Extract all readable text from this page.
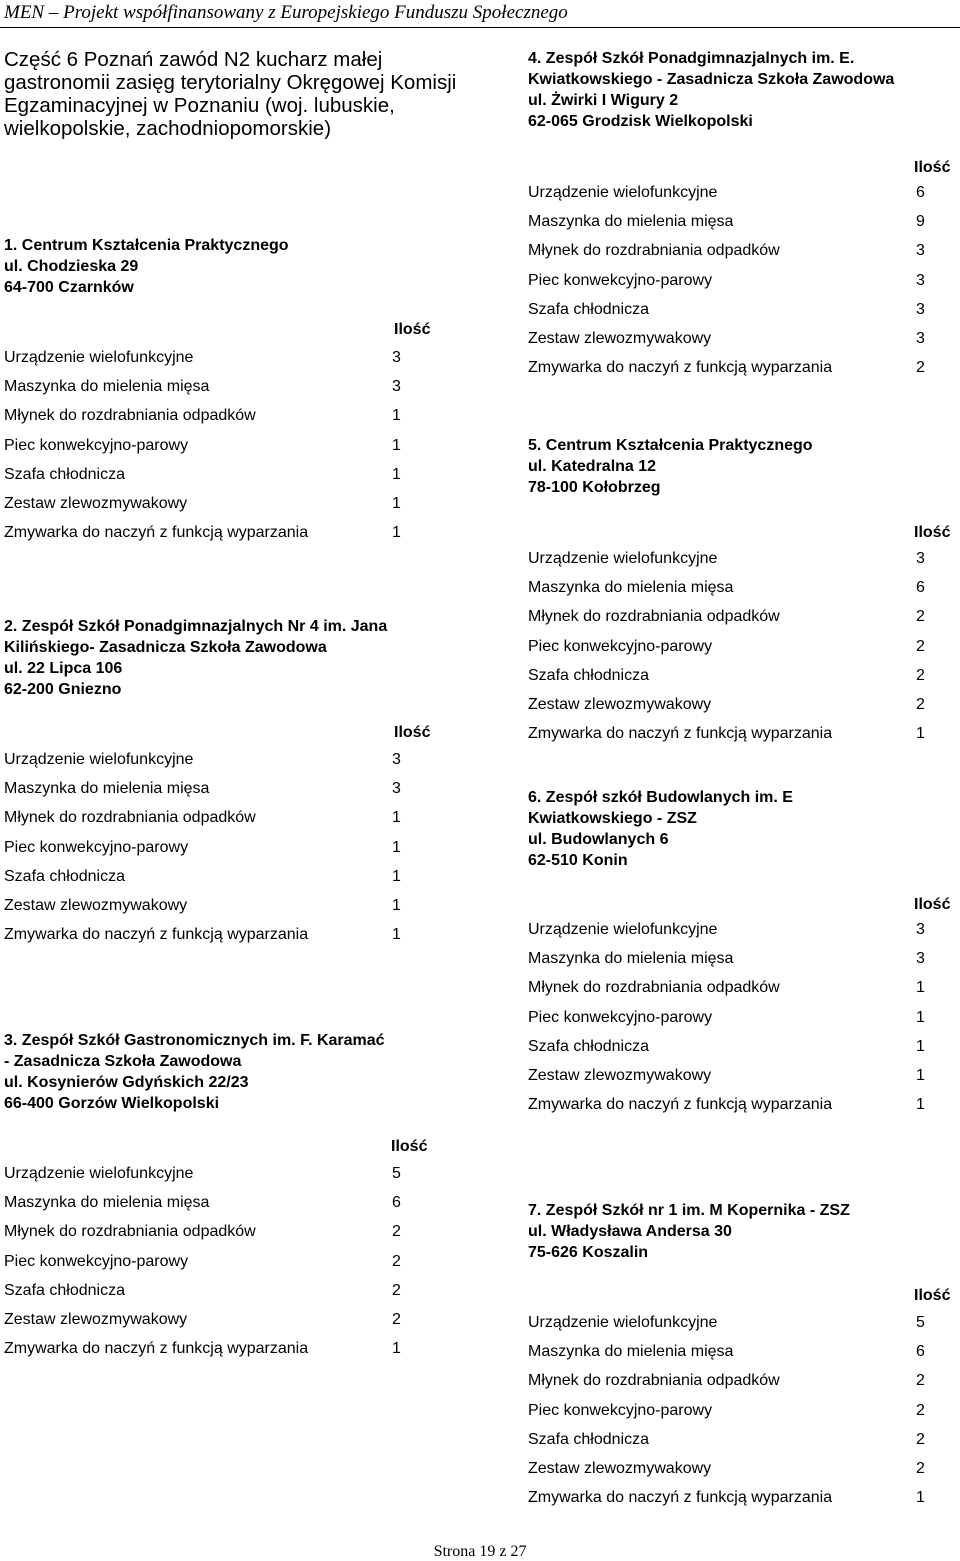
MEN – Projekt współfinansowany z Europejskiego Funduszu Społecznego
Część 6 Poznań zawód N2 kucharz małej gastronomii zasięg terytorialny Okręgowej Komisji Egzaminacyjnej w Poznaniu (woj. lubuskie, wielkopolskie, zachodniopomorskie)
1. Centrum Kształcenia Praktycznego
ul. Chodzieska 29
64-700 Czarnków
Ilość
Urządzenie wielofunkcyjne	3
Maszynka do mielenia mięsa	3
Młynek do rozdrabniania odpadków	1
Piec konwekcyjno-parowy	1
Szafa chłodnicza	1
Zestaw zlewozmywakowy	1
Zmywarka do naczyń z funkcją wyparzania	1
2. Zespół Szkół Ponadgimnazjalnych Nr 4 im. Jana
Kilińskiego- Zasadnicza Szkoła Zawodowa
ul. 22 Lipca 106
62-200 Gniezno
Ilość
Urządzenie wielofunkcyjne	3
Maszynka do mielenia mięsa	3
Młynek do rozdrabniania odpadków	1
Piec konwekcyjno-parowy	1
Szafa chłodnicza	1
Zestaw zlewozmywakowy	1
Zmywarka do naczyń z funkcją wyparzania	1
3. Zespół Szkół Gastronomicznych im. F. Karamać
- Zasadnicza Szkoła Zawodowa
ul. Kosynierów Gdyńskich 22/23
66-400 Gorzów Wielkopolski
Ilość
Urządzenie wielofunkcyjne	5
Maszynka do mielenia mięsa	6
Młynek do rozdrabniania odpadków	2
Piec konwekcyjno-parowy	2
Szafa chłodnicza	2
Zestaw zlewozmywakowy	2
Zmywarka do naczyń z funkcją wyparzania	1
4. Zespół Szkół Ponadgimnazjalnych im. E.
Kwiatkowskiego - Zasadnicza Szkoła Zawodowa
ul. Żwirki I Wigury 2
62-065 Grodzisk Wielkopolski
Ilość
Urządzenie wielofunkcyjne	6
Maszynka do mielenia mięsa	9
Młynek do rozdrabniania odpadków	3
Piec konwekcyjno-parowy	3
Szafa chłodnicza	3
Zestaw zlewozmywakowy	3
Zmywarka do naczyń z funkcją wyparzania	2
5. Centrum Kształcenia Praktycznego
ul. Katedralna 12
78-100 Kołobrzeg
Ilość
Urządzenie wielofunkcyjne	3
Maszynka do mielenia mięsa	6
Młynek do rozdrabniania odpadków	2
Piec konwekcyjno-parowy	2
Szafa chłodnicza	2
Zestaw zlewozmywakowy	2
Zmywarka do naczyń z funkcją wyparzania	1
6. Zespół szkół Budowlanych im. E
Kwiatkowskiego - ZSZ
ul. Budowlanych 6
62-510 Konin
Ilość
Urządzenie wielofunkcyjne	3
Maszynka do mielenia mięsa	3
Młynek do rozdrabniania odpadków	1
Piec konwekcyjno-parowy	1
Szafa chłodnicza	1
Zestaw zlewozmywakowy	1
Zmywarka do naczyń z funkcją wyparzania	1
7. Zespół Szkół nr 1 im. M Kopernika - ZSZ
ul. Władysława Andersa 30
75-626 Koszalin
Ilość
Urządzenie wielofunkcyjne	5
Maszynka do mielenia mięsa	6
Młynek do rozdrabniania odpadków	2
Piec konwekcyjno-parowy	2
Szafa chłodnicza	2
Zestaw zlewozmywakowy	2
Zmywarka do naczyń z funkcją wyparzania	1
Strona 19 z 27
